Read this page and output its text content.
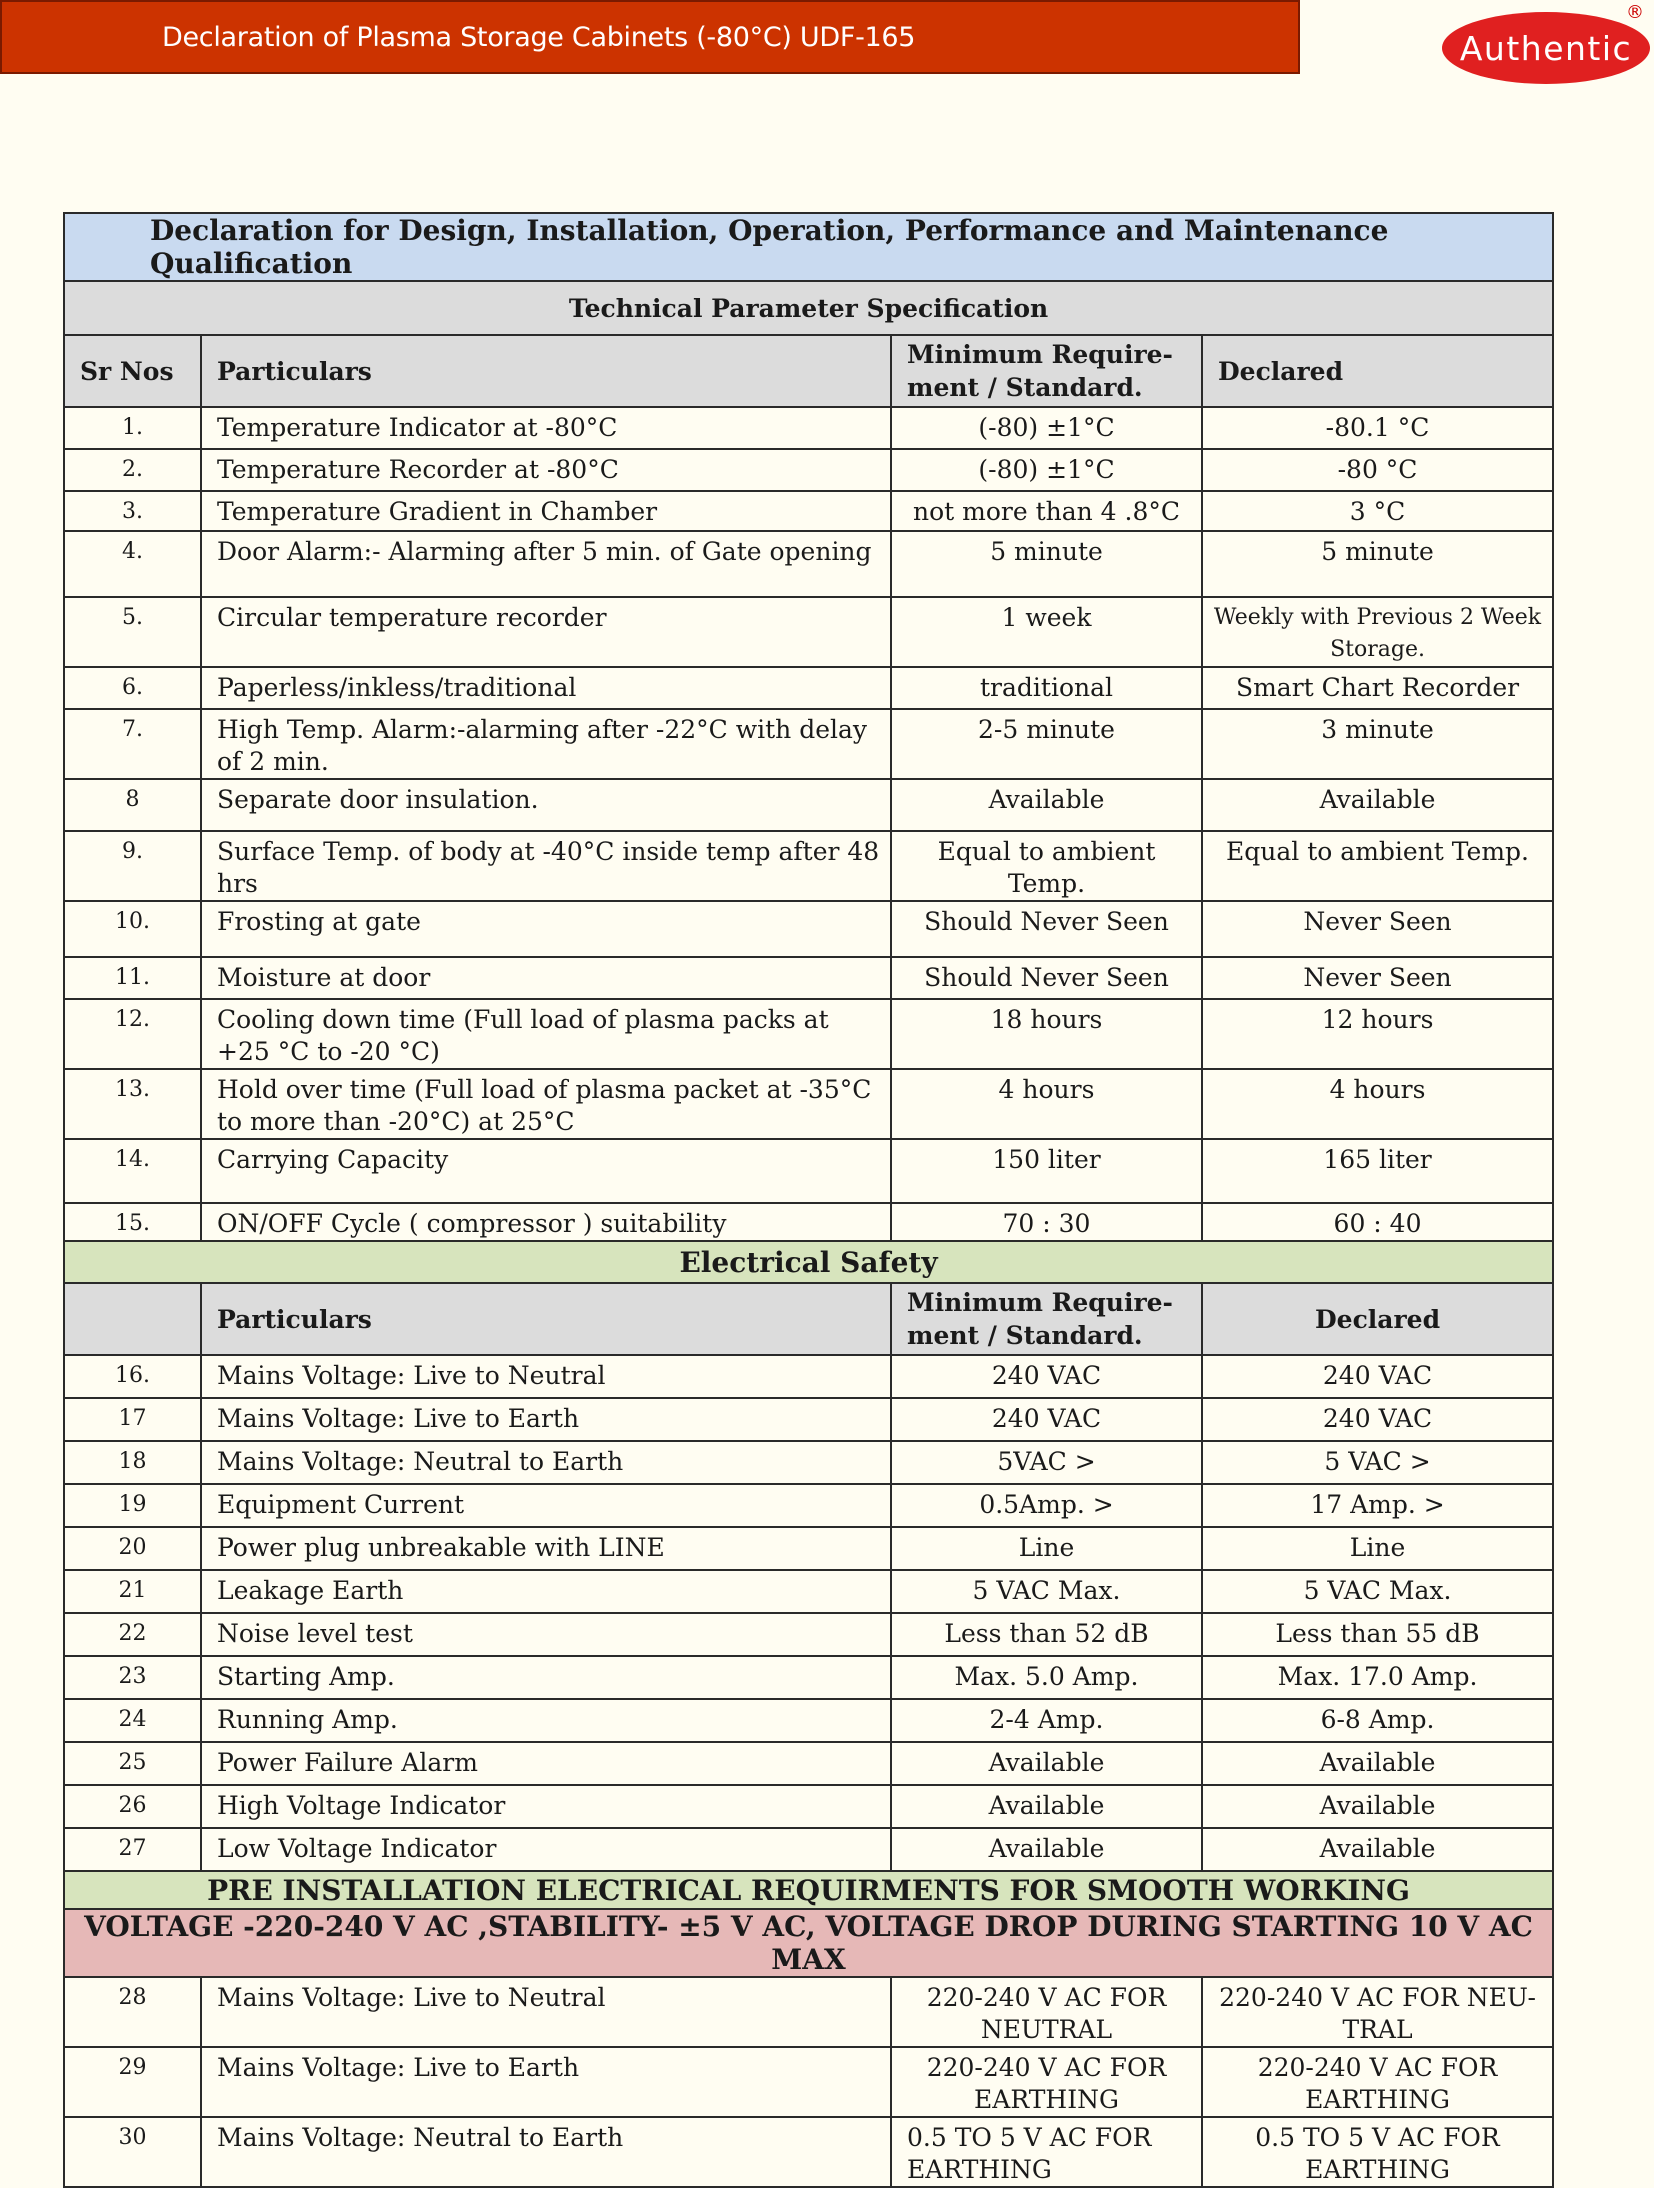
Declaration of Plasma Storage Cabinets (-80°C) UDF-165	Authentic
®
Declaration for Design, Installation, Operation, Performance and Maintenance Qualification			
Technical Parameter Specification			
Sr Nos	Particulars	Minimum Require-ment / Standard.	Declared
1.	Temperature Indicator at -80°C	(-80) ±1°C	-80.1 °C
2.	Temperature Recorder at -80°C	(-80) ±1°C	-80 °C
3.	Temperature Gradient in Chamber	not more than 4 .8°C	3 °C
4.	Door Alarm:- Alarming after 5 min. of Gate opening	5 minute	5 minute
5.	Circular temperature recorder	1 week	Weekly with Previous 2 Week Storage.
6.	Paperless/inkless/traditional	traditional	Smart Chart Recorder
7.	High Temp. Alarm:-alarming after -22°C with delay of 2 min.	2-5 minute	3 minute
8	Separate door insulation.	Available	Available
9.	Surface Temp. of body at -40°C inside temp after 48 hrs	Equal to ambient Temp.	Equal to ambient Temp.
10.	Frosting at gate	Should Never Seen	Never Seen
11.	Moisture at door	Should Never Seen	Never Seen
12.	Cooling down time (Full load of plasma packs at +25 °C to -20 °C)	18 hours	12 hours
13.	Hold over time (Full load of plasma packet at -35°C to more than -20°C) at 25°C	4 hours	4 hours
14.	Carrying Capacity	150 liter	165 liter
15.	ON/OFF Cycle ( compressor ) suitability	70 : 30	60 : 40
Electrical Safety			
	Particulars	Minimum Require-ment / Standard.	Declared
16.	Mains Voltage: Live to Neutral	240 VAC	240 VAC
17	Mains Voltage: Live to Earth	240 VAC	240 VAC
18	Mains Voltage: Neutral to Earth	5VAC >	5 VAC >
19	Equipment Current	0.5Amp. >	17 Amp. >
20	Power plug unbreakable with LINE	Line	Line
21	Leakage Earth	5 VAC Max.	5 VAC Max.
22	Noise level test	Less than 52 dB	Less than 55 dB
23	Starting Amp.	Max. 5.0 Amp.	Max. 17.0 Amp.
24	Running Amp.	2-4 Amp.	6-8 Amp.
25	Power Failure Alarm	Available	Available
26	High Voltage Indicator	Available	Available
27	Low Voltage Indicator	Available	Available
PRE INSTALLATION ELECTRICAL REQUIRMENTS FOR SMOOTH WORKING			
VOLTAGE -220-240 V AC ,STABILITY- ±5 V AC, VOLTAGE DROP DURING STARTING 10 V AC MAX			
28	Mains Voltage: Live to Neutral	220-240 V AC FOR NEUTRAL	220-240 V AC FOR NEU-TRAL
29	Mains Voltage: Live to Earth	220-240 V AC FOR EARTHING	220-240 V AC FOR EARTHING
30	Mains Voltage: Neutral to Earth	0.5 TO 5 V AC FOR EARTHING	0.5 TO 5 V AC FOR EARTHING
